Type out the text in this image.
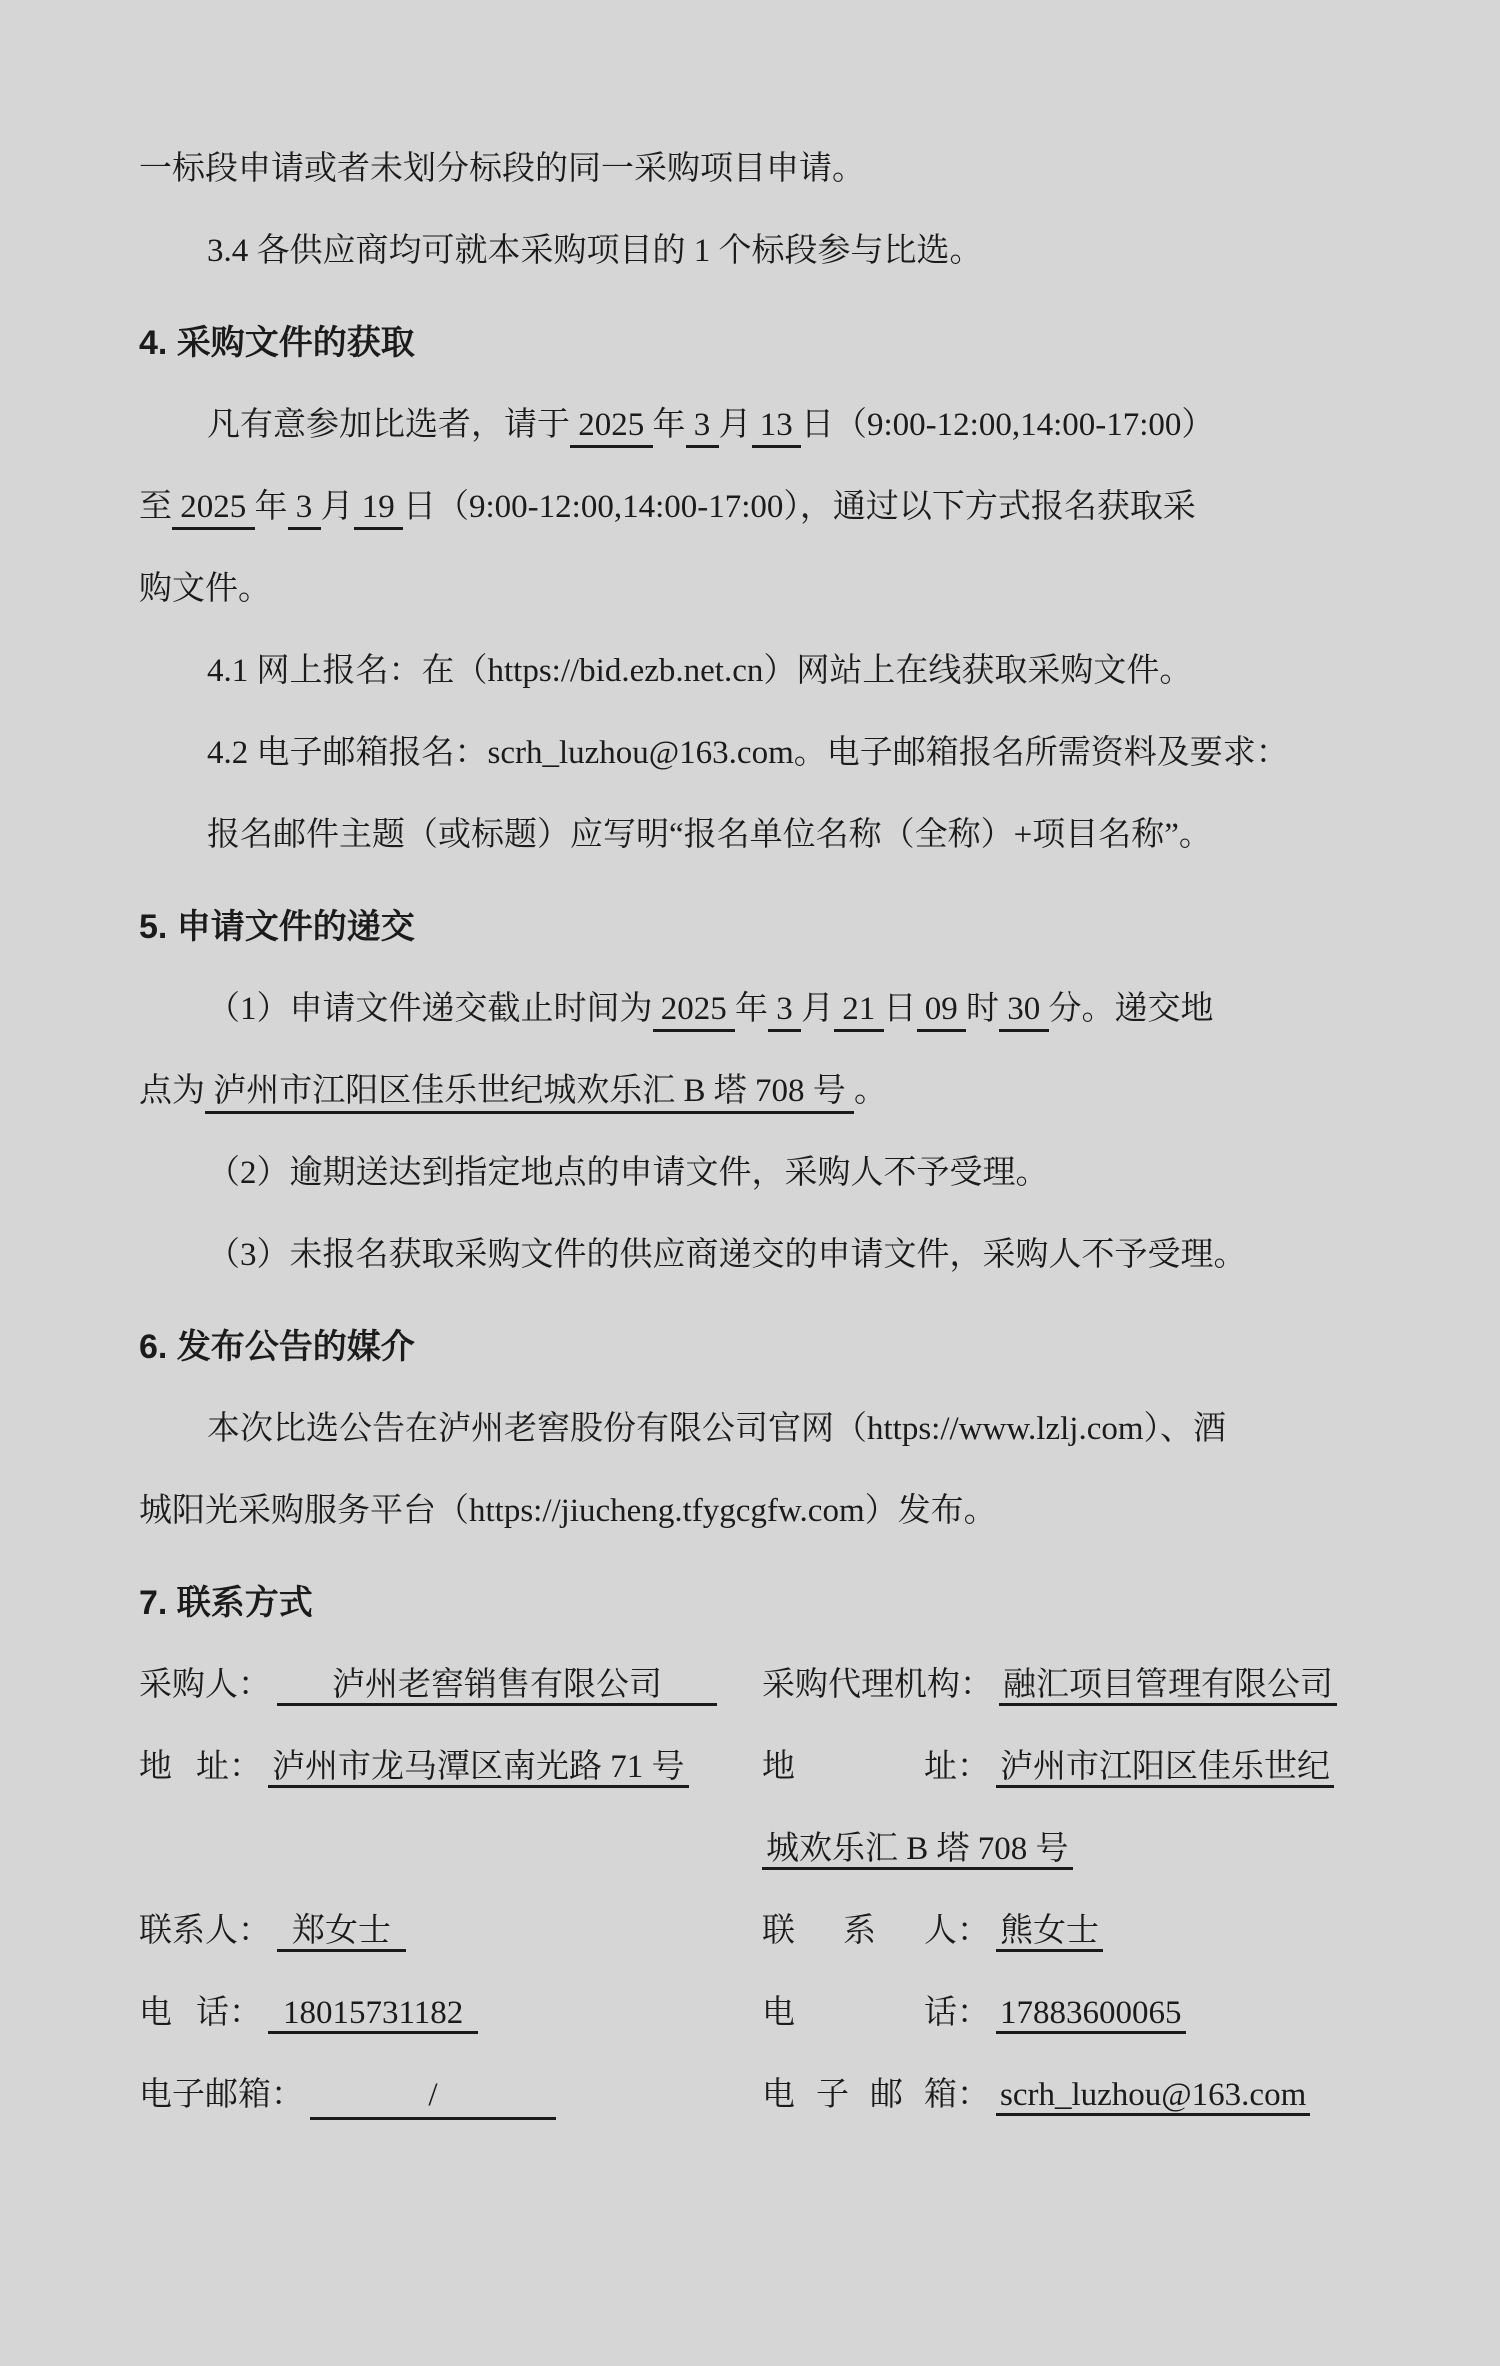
一标段申请或者未划分标段的同一采购项目申请。
3.4 各供应商均可就本采购项目的 1 个标段参与比选。
4. 采购文件的获取
凡有意参加比选者，请于 2025 年 3 月 13 日（9:00-12:00,14:00-17:00）
至 2025 年 3 月 19 日（9:00-12:00,14:00-17:00），通过以下方式报名获取采
购文件。
4.1 网上报名：在（https://bid.ezb.net.cn）网站上在线获取采购文件。
4.2 电子邮箱报名：scrh_luzhou@163.com。电子邮箱报名所需资料及要求：
报名邮件主题（或标题）应写明“报名单位名称（全称）+项目名称”。
5. 申请文件的递交
（1）申请文件递交截止时间为 2025 年 3 月 21 日 09 时 30 分。递交地
点为 泸州市江阳区佳乐世纪城欢乐汇 B 塔 708 号 。
（2）逾期送达到指定地点的申请文件，采购人不予受理。
（3）未报名获取采购文件的供应商递交的申请文件，采购人不予受理。
6. 发布公告的媒介
本次比选公告在泸州老窖股份有限公司官网（https://www.lzlj.com）、酒
城阳光采购服务平台（https://jiucheng.tfygcgfw.com）发布。
7. 联系方式
采购人： 泸州老窖销售有限公司	采购代理机构： 融汇项目管理有限公司
地 址： 泸州市龙马潭区南光路 71 号	地	址： 泸州市江阳区佳乐世纪
城欢乐汇 B 塔 708 号
联系人： 郑女士	联 系 人： 熊女士
电 话： 18015731182	电	话： 17883600065
电子邮箱：	/	电 子 邮 箱： scrh_luzhou@163.com
